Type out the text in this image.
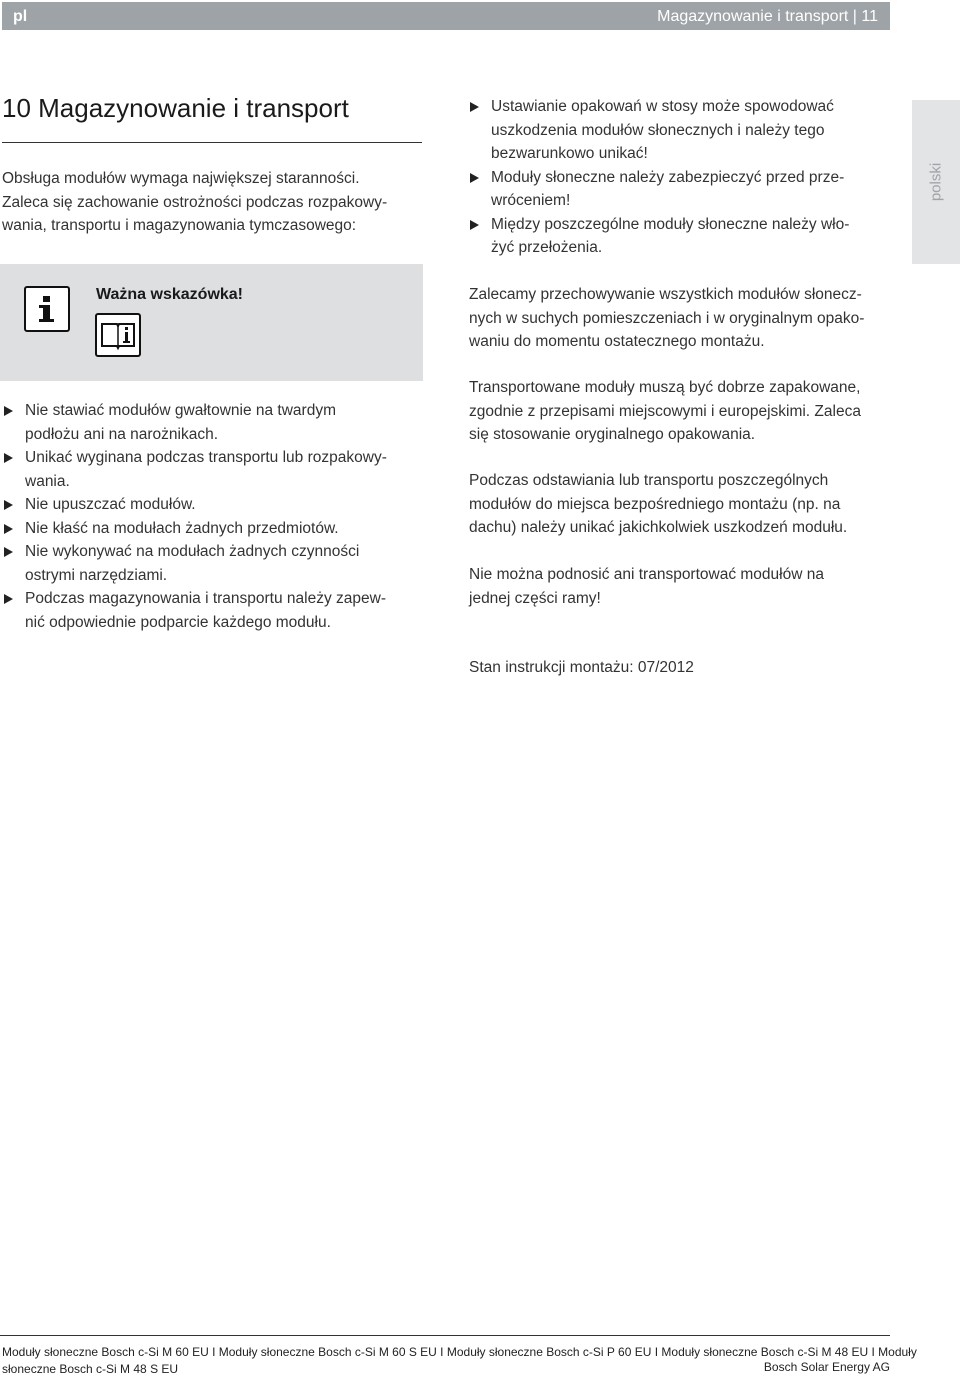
pl	Magazynowanie i transport | 11
polski
10 Magazynowanie i transport
Obsługa modułów wymaga największej staranności.
Zaleca się zachowanie ostrożności podczas rozpakowy-
wania, transportu i magazynowania tymczasowego:
Ważna wskazówka!
Nie stawiać modułów gwałtownie na twardym
podłożu ani na narożnikach.
Unikać wyginana podczas transportu lub rozpakowy-
wania.
Nie upuszczać modułów.
Nie kłaść na modułach żadnych przedmiotów.
Nie wykonywać na modułach żadnych czynności
ostrymi narzędziami.
Podczas magazynowania i transportu należy zapew-
nić odpowiednie podparcie każdego modułu.
Ustawianie opakowań w stosy może spowodować
uszkodzenia modułów słonecznych i należy tego
bezwarunkowo unikać!
Moduły słoneczne należy zabezpieczyć przed prze-
wróceniem!
Między poszczególne moduły słoneczne należy wło-
żyć przełożenia.
Zalecamy przechowywanie wszystkich modułów słonecz-
nych w suchych pomieszczeniach i w oryginalnym opako-
waniu do momentu ostatecznego montażu.
Transportowane moduły muszą być dobrze zapakowane,
zgodnie z przepisami miejscowymi i europejskimi. Zaleca
się stosowanie oryginalnego opakowania.
Podczas odstawiania lub transportu poszczególnych
modułów do miejsca bezpośredniego montażu (np. na
dachu) należy unikać jakichkolwiek uszkodzeń modułu.
Nie można podnosić ani transportować modułów na
jednej części ramy!
Stan instrukcji montażu: 07/2012
Moduły słoneczne Bosch c-Si M 60 EU I Moduły słoneczne Bosch c-Si M 60 S EU I Moduły słoneczne Bosch c-Si P 60 EU I Moduły słoneczne Bosch c-Si M 48 EU I Moduły
słoneczne Bosch c-Si M 48 S EU	Bosch Solar Energy AG
